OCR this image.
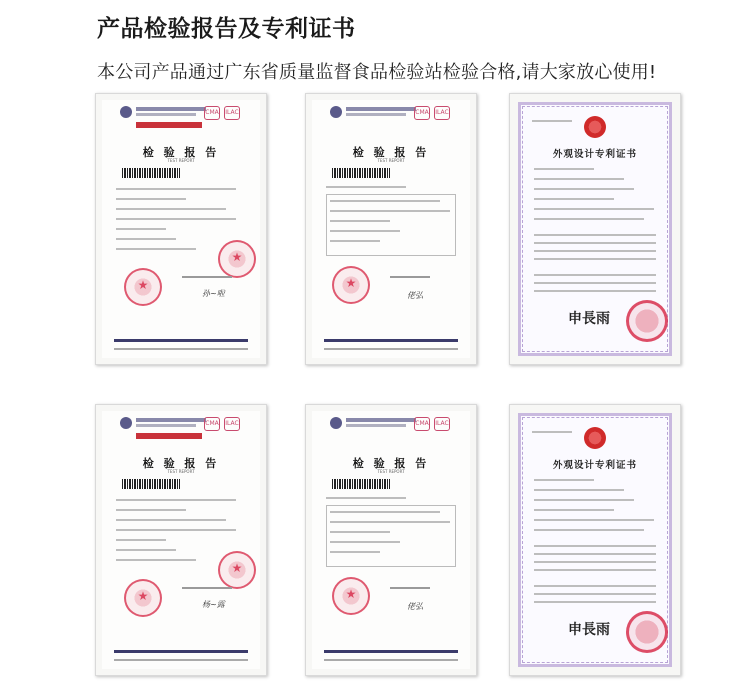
产品检验报告及专利证书
本公司产品通过广东省质量监督食品检验站检验合格,请大家放心使用!
CMA ILAC
检 验 报 告
TEST REPORT
★
★
孙~啦
CMA ILAC
检 验 报 告
TEST REPORT
★
佬弘
外观设计专利证书
申長雨
CMA ILAC
检 验 报 告
TEST REPORT
★
★
杨~露
CMA ILAC
检 验 报 告
TEST REPORT
★
佬弘
外观设计专利证书
申長雨
